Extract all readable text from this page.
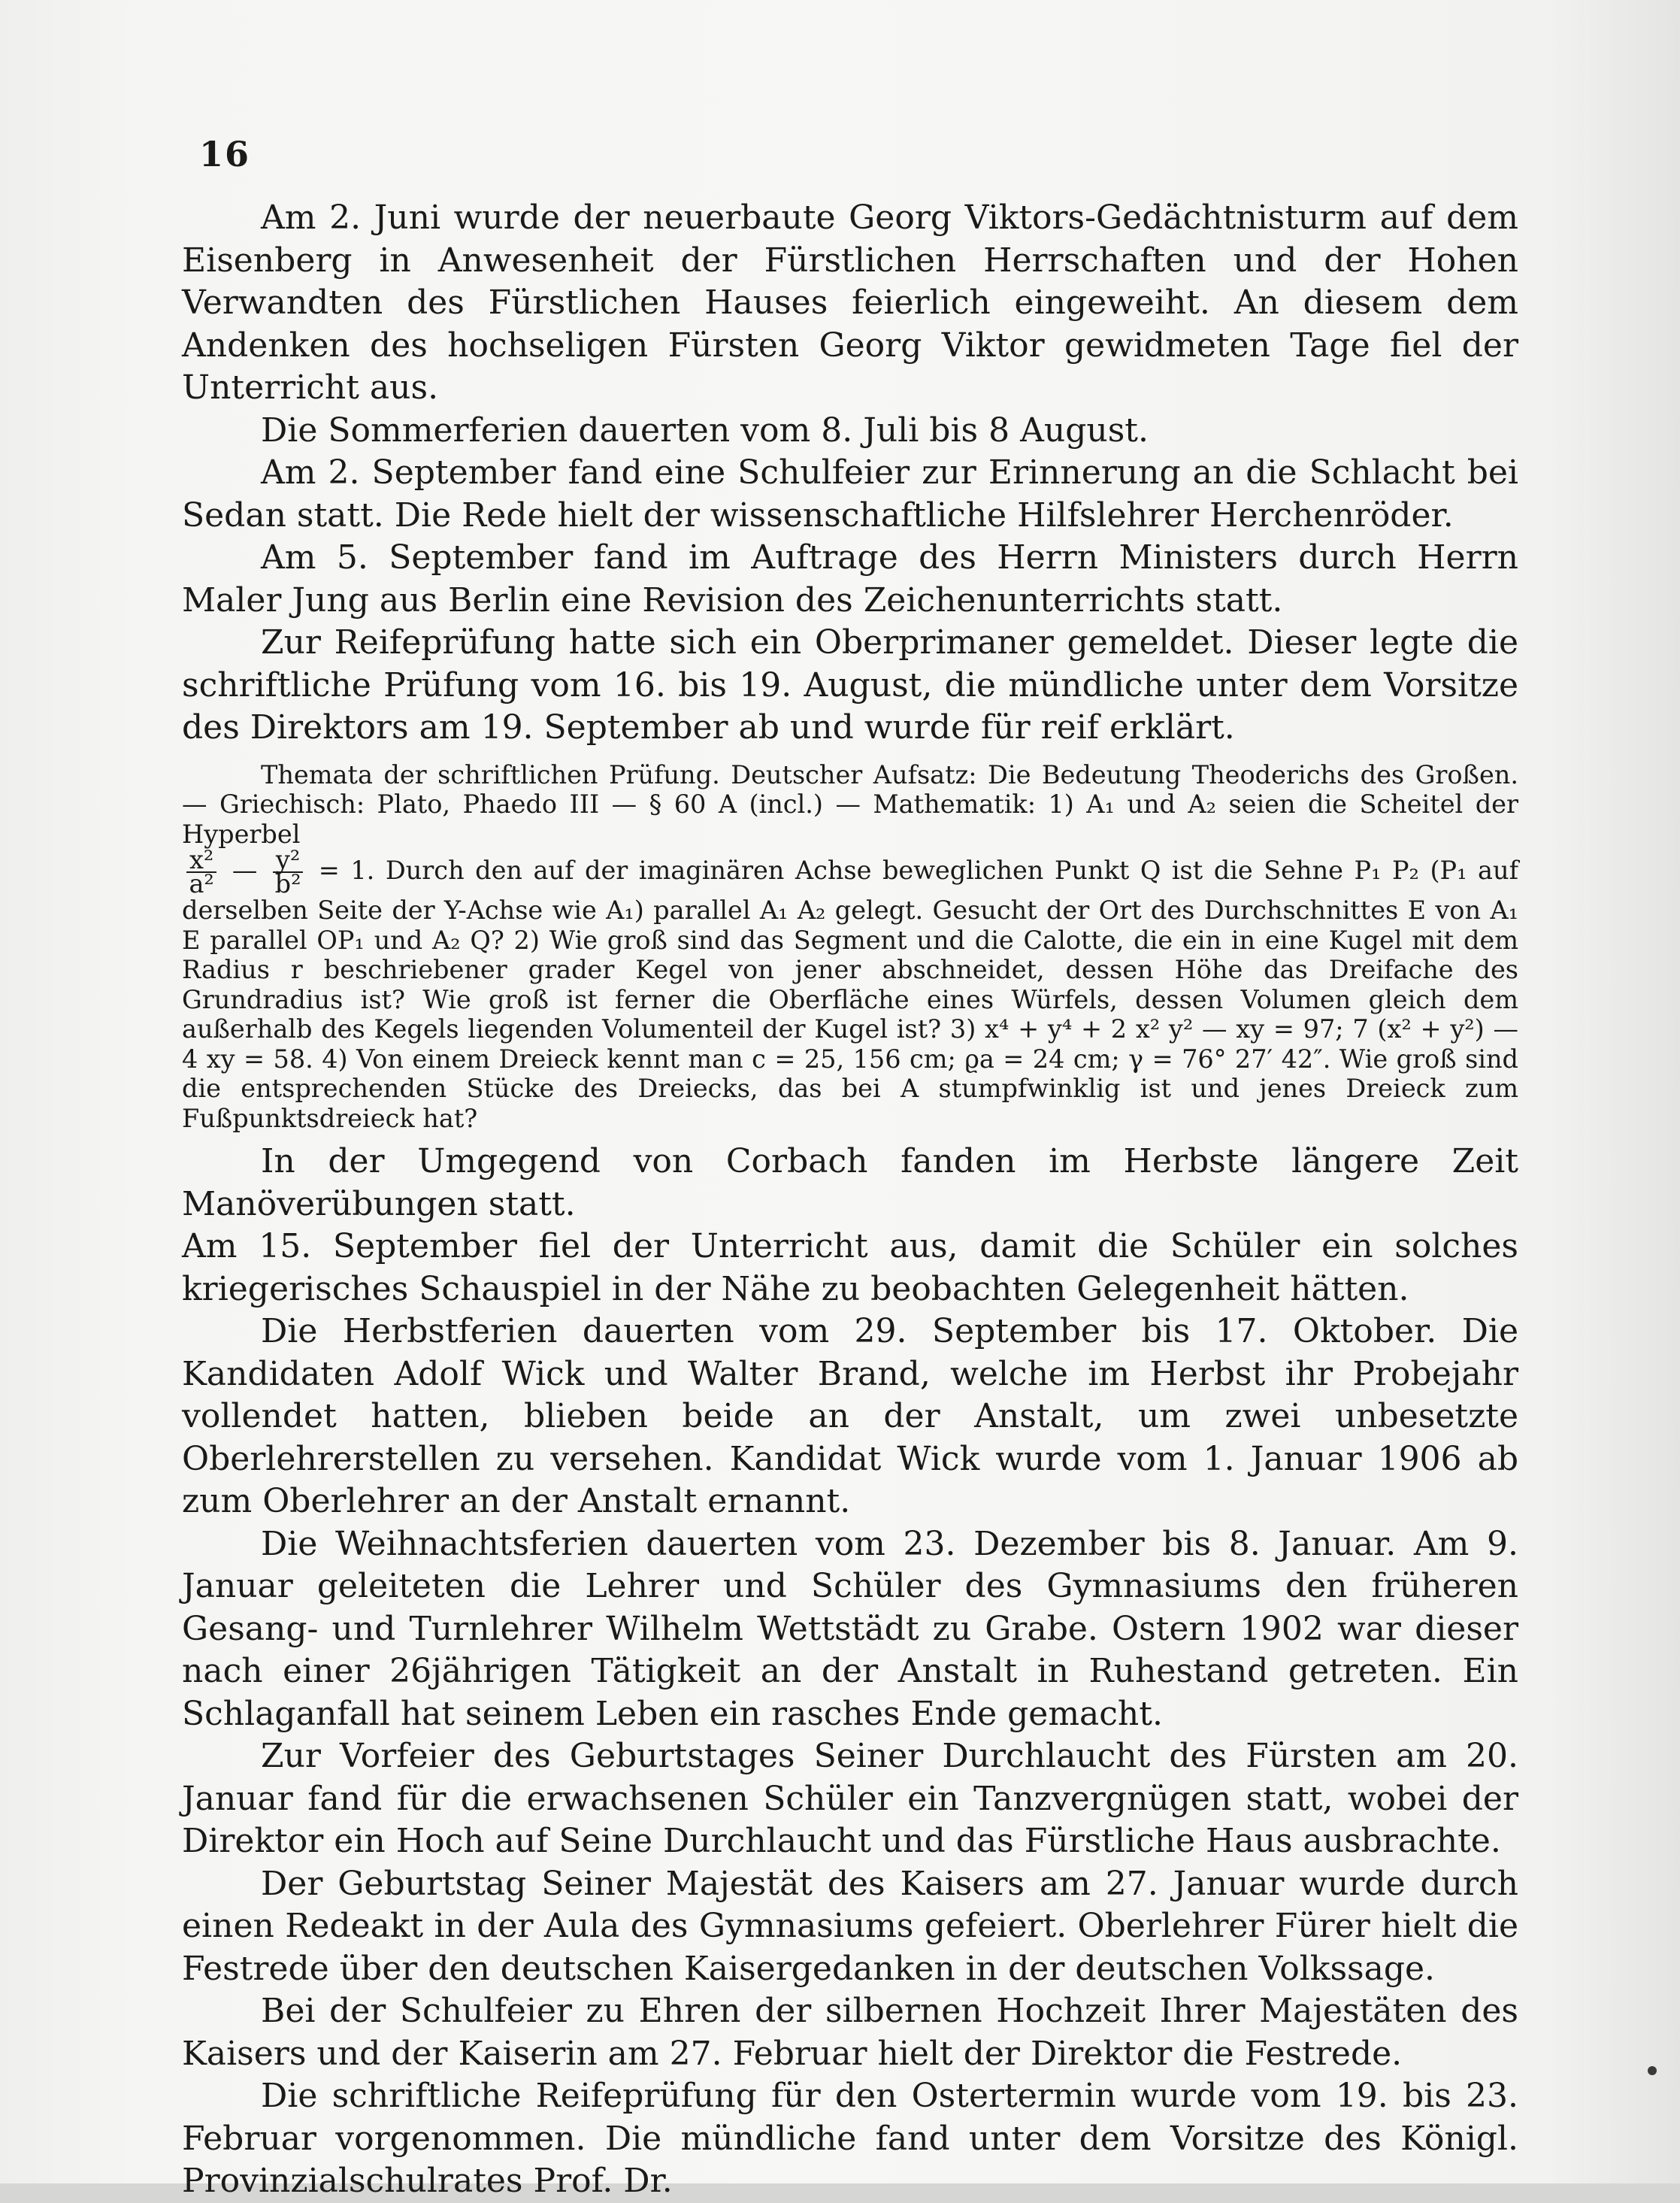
16

Am 2. Juni wurde der neuerbaute Georg Viktors-Gedächtnisturm auf dem Eisenberg in Anwesenheit der Fürstlichen Herrschaften und der Hohen Verwandten des Fürstlichen Hauses feierlich eingeweiht. An diesem dem Andenken des hochseligen Fürsten Georg Viktor gewidmeten Tage fiel der Unterricht aus.

Die Sommerferien dauerten vom 8. Juli bis 8 August.

Am 2. September fand eine Schulfeier zur Erinnerung an die Schlacht bei Sedan statt. Die Rede hielt der wissenschaftliche Hilfslehrer Herchenröder.

Am 5. September fand im Auftrage des Herrn Ministers durch Herrn Maler Jung aus Berlin eine Revision des Zeichenunterrichts statt.

Zur Reifeprüfung hatte sich ein Oberprimaner gemeldet. Dieser legte die schriftliche Prüfung vom 16. bis 19. August, die mündliche unter dem Vorsitze des Direktors am 19. September ab und wurde für reif erklärt.

Themata der schriftlichen Prüfung. Deutscher Aufsatz: Die Bedeutung Theoderichs des Großen. — Griechisch: Plato, Phaedo III — § 60 A (incl.) — Mathematik: 1) A₁ und A₂ seien die Scheitel der Hyperbel
$\frac{\text{x²}}{\text{a²}}$ — $\frac{\text{y²}}{\text{b²}} = 1$. Durch den auf der imaginären Achse beweglichen Punkt Q ist die Sehne P₁ P₂ (P₁ auf derselben Seite der Y-Achse wie A₁) parallel A₁ A₂ gelegt. Gesucht der Ort des Durchschnittes E von A₁ E parallel OP₁ und A₂ Q? 2) Wie groß sind das Segment und die Calotte, die ein in eine Kugel mit dem Radius r beschriebener grader Kegel von jener abschneidet, dessen Höhe das Dreifache des Grundradius ist? Wie groß ist ferner die Oberfläche eines Würfels, dessen Volumen gleich dem außerhalb des Kegels liegenden Volumenteil der Kugel ist? 3) x⁴ + y⁴ + 2 x² y² — xy = 97; 7 (x² + y²) — 4 xy = 58. 4) Von einem Dreieck kennt man c = 25, 156 cm; ϱa = 24 cm; γ = 76° 27′ 42″. Wie groß sind die entsprechenden Stücke des Dreiecks, das bei A stumpfwinklig ist und jenes Dreieck zum Fußpunktsdreieck hat?

In der Umgegend von Corbach fanden im Herbste längere Zeit Manöverübungen statt.

Am 15. September fiel der Unterricht aus, damit die Schüler ein solches kriegerisches Schauspiel in der Nähe zu beobachten Gelegenheit hätten.

Die Herbstferien dauerten vom 29. September bis 17. Oktober. Die Kandidaten Adolf Wick und Walter Brand, welche im Herbst ihr Probejahr vollendet hatten, blieben beide an der Anstalt, um zwei unbesetzte Oberlehrerstellen zu versehen. Kandidat Wick wurde vom 1. Januar 1906 ab zum Oberlehrer an der Anstalt ernannt.

Die Weihnachtsferien dauerten vom 23. Dezember bis 8. Januar. Am 9. Januar geleiteten die Lehrer und Schüler des Gymnasiums den früheren Gesang- und Turnlehrer Wilhelm Wettstädt zu Grabe. Ostern 1902 war dieser nach einer 26jährigen Tätigkeit an der Anstalt in Ruhestand getreten. Ein Schlaganfall hat seinem Leben ein rasches Ende gemacht.

Zur Vorfeier des Geburtstages Seiner Durchlaucht des Fürsten am 20. Januar fand für die erwachsenen Schüler ein Tanzvergnügen statt, wobei der Direktor ein Hoch auf Seine Durchlaucht und das Fürstliche Haus ausbrachte.

Der Geburtstag Seiner Majestät des Kaisers am 27. Januar wurde durch einen Redeakt in der Aula des Gymnasiums gefeiert. Oberlehrer Fürer hielt die Festrede über den deutschen Kaisergedanken in der deutschen Volkssage.

Bei der Schulfeier zu Ehren der silbernen Hochzeit Ihrer Majestäten des Kaisers und der Kaiserin am 27. Februar hielt der Direktor die Festrede.

Die schriftliche Reifeprüfung für den Ostertermin wurde vom 19. bis 23. Februar vorgenommen. Die mündliche fand unter dem Vorsitze des Königl. Provinzialschulrates Prof. Dr.
